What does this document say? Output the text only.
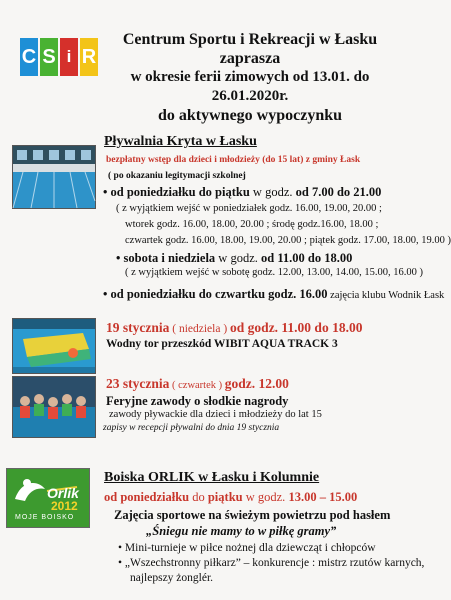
C S i R
Centrum Sportu i Rekreacji w Łasku
zaprasza
w okresie ferii zimowych od 13.01. do 26.01.2020r.
do aktywnego wypoczynku
Pływalnia Kryta w Łasku
bezpłatny wstęp dla dzieci i młodzieży (do 15 lat) z gminy Łask
( po okazaniu legitymacji szkolnej
• od poniedziałku do piątku w godz. od 7.00 do 21.00
( z wyjątkiem wejść w poniedziałek godz. 16.00, 19.00, 20.00 ;
wtorek godz. 16.00, 18.00, 20.00 ; środę godz.16.00, 18.00 ;
czwartek godz. 16.00, 18.00, 19.00, 20.00 ; piątek godz. 17.00, 18.00, 19.00 )
• sobota i niedziela w godz. od 11.00 do 18.00
( z wyjątkiem wejść w sobotę godz. 12.00, 13.00, 14.00, 15.00, 16.00 )
• od poniedziałku do czwartku godz. 16.00 zajęcia klubu Wodnik Łask
19 stycznia ( niedziela ) od godz. 11.00 do 18.00
Wodny tor przeszkód WIBIT AQUA TRACK 3
23 stycznia ( czwartek ) godz. 12.00
Feryjne zawody o słodkie nagrody
zawody pływackie dla dzieci i młodzieży do lat 15
zapisy w recepcji pływalni do dnia 19 stycznia
Orlik
2012
MOJE BOISKO
Boiska ORLIK w Łasku i Kolumnie
od poniedziałku do piątku w godz. 13.00 – 15.00
Zajęcia sportowe na świeżym powietrzu pod hasłem
„Śniegu nie mamy to w piłkę gramy”
• Mini-turnieje w piłce nożnej dla dziewcząt i chłopców
• „Wszechstronny piłkarz” – konkurencje : mistrz rzutów karnych,
najlepszy żonglér.
